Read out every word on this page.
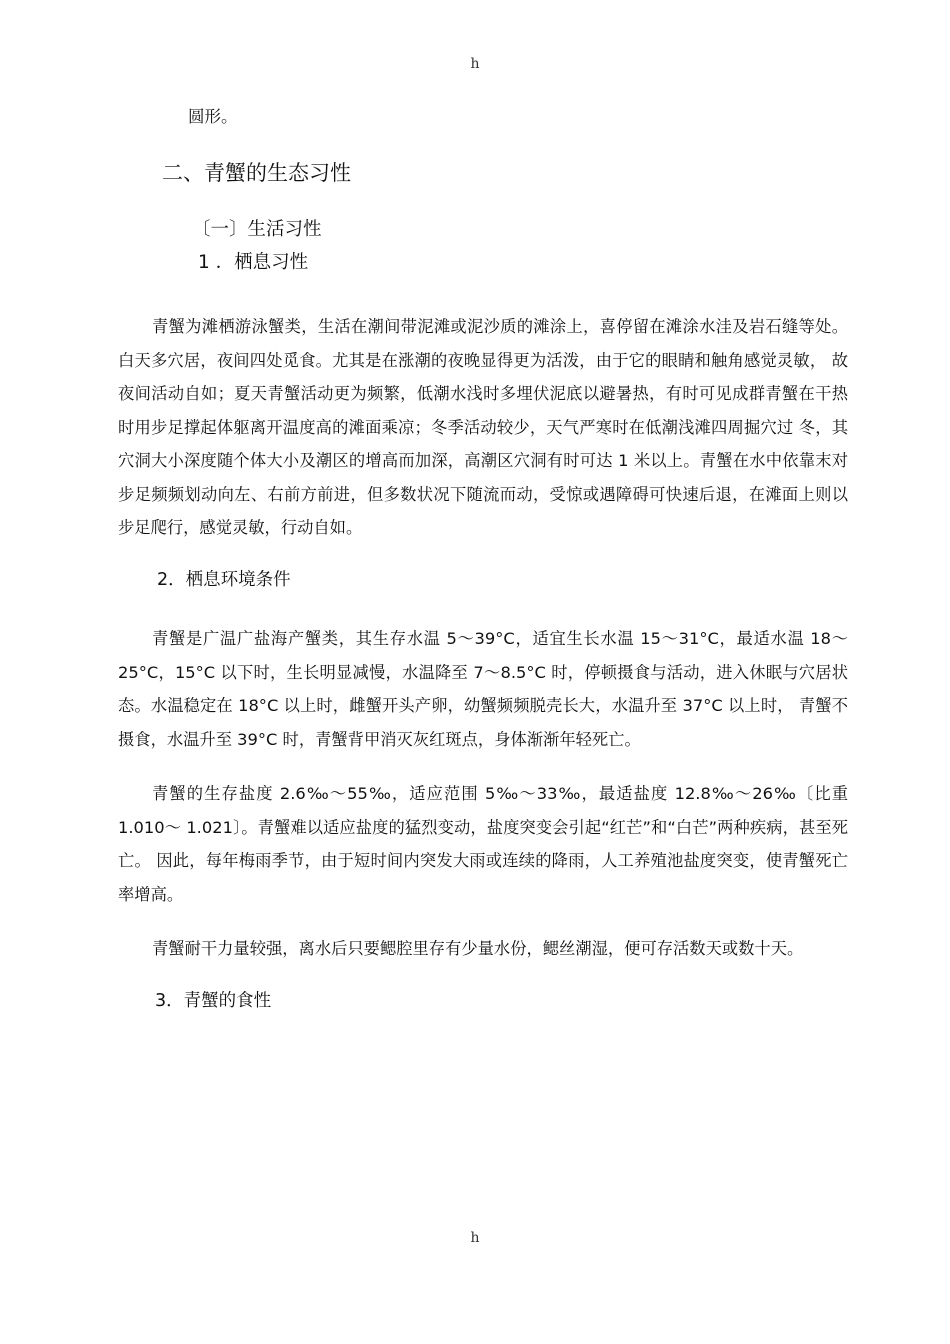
h
圆形。
二、青蟹的生态习性
〔一〕生活习性
1 ．栖息习性

青蟹为滩栖游泳蟹类，生活在潮间带泥滩或泥沙质的滩涂上，喜停留在滩涂水洼及岩石缝等处。白天多穴居，夜间四处觅食。尤其是在涨潮的夜晚显得更为活泼，由于它的眼睛和触角感觉灵敏， 故夜间活动自如；夏天青蟹活动更为频繁，低潮水浅时多埋伏泥底以避暑热，有时可见成群青蟹在干热时用步足撑起体躯离开温度高的滩面乘凉；冬季活动较少，天气严寒时在低潮浅滩四周掘穴过 冬，其穴洞大小深度随个体大小及潮区的增高而加深，高潮区穴洞有时可达 1 米以上。青蟹在水中依靠末对步足频频划动向左、右前方前进，但多数状况下随流而动，受惊或遇障碍可快速后退，在滩面上则以步足爬行，感觉灵敏，行动自如。

2．栖息环境条件

青蟹是广温广盐海产蟹类，其生存水温 5～39°C，适宜生长水温 15～31°C，最适水温 18～25°C，15°C 以下时，生长明显减慢，水温降至 7～8.5°C 时，停顿摄食与活动，进入休眠与穴居状态。水温稳定在 18°C 以上时，雌蟹开头产卵，幼蟹频频脱壳长大，水温升至 37°C 以上时， 青蟹不摄食，水温升至 39°C 时，青蟹背甲消灭灰红斑点，身体渐渐年轻死亡。

青蟹的生存盐度 2.6‰～55‰，适应范围 5‰～33‰，最适盐度 12.8‰～26‰〔比重 1.010～ 1.021〕。青蟹难以适应盐度的猛烈变动，盐度突变会引起“红芒”和“白芒”两种疾病，甚至死亡。 因此，每年梅雨季节，由于短时间内突发大雨或连续的降雨，人工养殖池盐度突变，使青蟹死亡率增高。

青蟹耐干力量较强，离水后只要鳃腔里存有少量水份，鳃丝潮湿，便可存活数天或数十天。

3．青蟹的食性
h
